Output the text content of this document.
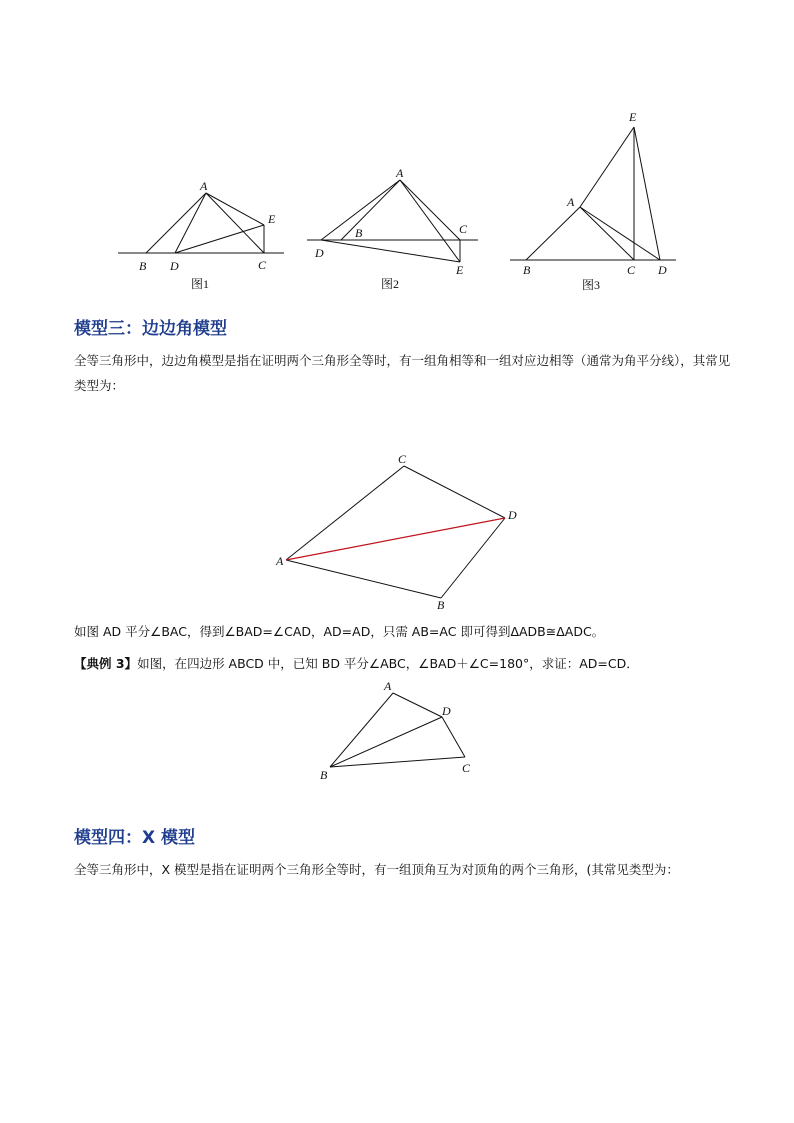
A
B D	C
E
图1
A
B	C
D
E
图2
E
A
B	C D
图3
模型三：边边角模型
全等三角形中，边边角模型是指在证明两个三角形全等时，有一组角相等和一组对应边相等（通常为角平分线），其常见类型为：
C
D
A
B
如图 AD 平分∠BAC，得到∠BAD=∠CAD，AD=AD，只需 AB=AC 即可得到ΔADB≅ΔADC。
【典例 3】如图，在四边形 ABCD 中，已知 BD 平分∠ABC，∠BAD＋∠C=180°，求证：AD=CD．
A
D
C
B
模型四：X 模型
全等三角形中，X 模型是指在证明两个三角形全等时，有一组顶角互为对顶角的两个三角形，(其常见类型为：
